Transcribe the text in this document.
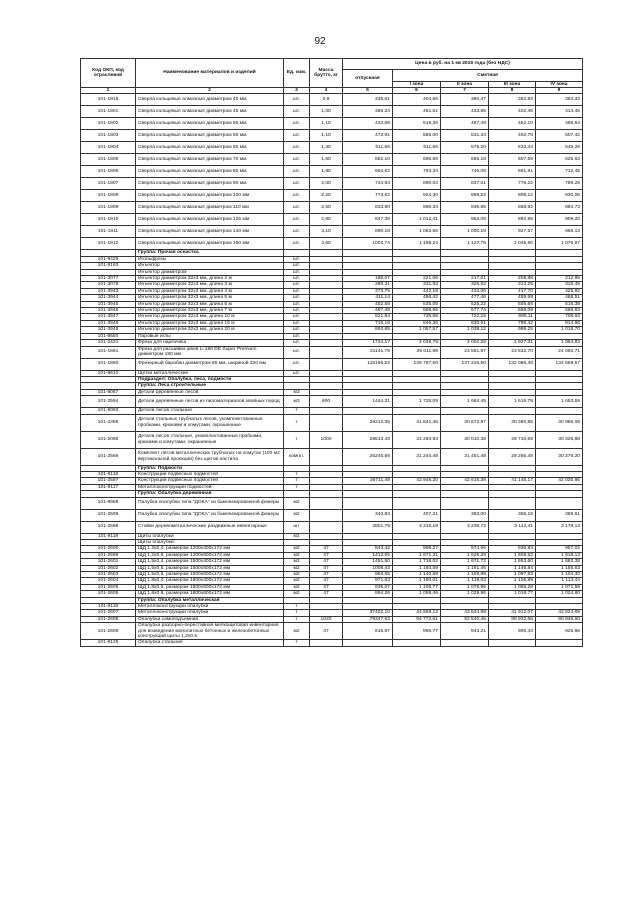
92
Код ОКП, код отраслевой	Наименование материалов и изделий	Ед. изм.	Масса брутто, кг	Цена в руб. на 1 кв 2019 года (без НДС)				
				отпускная	Сметная			
					I зона	II зона	III зона	IV зона
1	2	3	4	5	6	7	8	9
101-1916	Сверла кольцевые алмазные диаметром 40 мм	шт.	0,9	335,61	404,56	380,47	352,83	363,33
101-1901	Сверла кольцевые алмазные диаметром 45 мм	шт.	1,00	386,24	461,51	433,95	402,46	414,45
101-1902	Сверла кольцевые алмазные диаметром 50 мм	шт.	1,10	432,68	518,36	487,49	452,10	465,54
101-1903	Сверла кольцевые алмазные диаметром 55 мм	шт.	1,10	472,91	565,00	531,34	492,78	507,42
101-1904	Сверла кольцевые алмазные диаметром 60 мм	шт.	1,30	511,65	611,65	575,20	533,44	549,26
101-1905	Сверла кольцевые алмазные диаметром 70 мм	шт.	1,60	582,10	696,69	655,18	607,59	625,63
101-1906	Сверла кольцевые алмазные диаметром 80 мм	шт.	1,80	664,62	793,34	746,08	691,91	712,45
101-1907	Сверла кольцевые алмазные диаметром 90 мм	шт.	2,00	744,94	890,04	837,01	776,22	799,28
101-1908	Сверла кольцевые алмазные диаметром 100 мм	шт.	2,20	773,62	924,30	869,22	806,12	830,06
101-1909	Сверла кольцевые алмазные диаметром 110 мм	шт.	2,50	833,90	996,33	936,95	868,92	894,73
101-1910	Сверла кольцевые алмазные диаметром 125 мм	шт.	2,80	847,38	1 012,41	952,08	882,95	909,20
101-1911	Сверла кольцевые алмазные диаметром 140 мм	шт.	3,10	890,18	1 063,56	1 000,19	927,57	955,13
101-1912	Сверла кольцевые алмазные диаметром 160 мм	шт.	3,60	1003,74	1 199,24	1 127,78	1 045,90	1 076,97
	Группа: Прочая оснастка							
101-9429	Игольфрезы	шт.						
101-9163	Инъектор	шт.						
	Инъектор диаметром	шт.						
101-3077	Инъектор диаметром 32х3 мм, длина 2 м	шт.		186,07	221,06	217,01	208,88	212,95
101-3078	Инъектор диаметром 32х3 мм, длина 3 м	шт.		280,31	331,93	325,92	313,25	319,45
101-3943	Инъектор диаметром 32х3 мм, длина 4 м	шт.		373,75	442,18	434,06	417,70	425,92
101-3944	Инъектор диаметром 32х3 мм, длина 5 м	шт.		411,14	486,42	477,46	459,59	468,51
101-3945	Инъектор диаметром 32х3 мм, длина 6 м	шт.		452,59	535,05	525,22	505,55	515,39
101-3946	Инъектор диаметром 32х3 мм, длина 7 м	шт.		497,48	588,56	577,74	556,09	566,93
101-3947	Инъектор диаметром 32х3 мм, длина 10 м	шт.		621,84	735,68	722,15	695,11	708,63
101-3948	Инъектор диаметром 32х3 мм, длина 15 м	шт.		716,16	846,36	830,51	799,42	814,96
101-3949	Инъектор диаметром 32х3 мм, длина 20 м	шт.		893,85	1 057,57	1 038,12	999,25	1 018,70
101-9550	Паровые иглы	шт.						
101-2431	Фреза для нарезчика	шт.		1724,17	2 039,79	2 002,28	1 927,31	1 964,83
101-1661	Фреза для расшивки швов Li 180 DE Super Premium диаметром 180 мм	шт.		21141,79	25 011,98	24 551,97	23 632,70	24 092,71
101-1660	Фрезерный барабан диаметром 65 мм, шириной 320 мм	шт.		119166,22	139 797,60	137 226,50	132 086,48	134 659,57
101-9610	Щетки металлические	шт.						
	Подраздел: Опалубка, леса, подмости							
	Группа: Леса строительные							
101-9067	Детали деревянные лесов	м3						
101-2594	Детали деревянные лесов из пиломатериалов хвойных пород	м3	600	1444,31	1 725,09	1 684,45	1 616,78	1 653,59
101-9093	Детали лесов стальные	т						
101-2385	Детали стальных трубчатых лесов, укомплектованные пробками, крюками и хомутами, окрашенные	т		29212,35	31 841,46	30 672,97	30 380,85	30 965,09
101-2086	Детали лесов стальные, укомплектованные пробками, крюками и хомутами, окрашенные	т	1000	28513,43	31 284,93	30 010,38	29 710,69	30 326,88
101-2566	Комплект лесов металлических трубчатых на хомутах (100 м2 вертикальной проекции) без щитов настила	компл.		26245,69	31 244,49	31 451,49	29 265,48	30 276,20
	Группа: Подмости							
101-9118	Конструкции подвесных подмостей	т						
101-2597	Конструкции подвесных подмостей	т		26711,49	43 948,20	42 615,38	41 146,17	42 030,95
101-9117	Металлоконструкции подмостей	т						
	Группа: Опалубка деревянная							
101-9988	Палубка опалубки типа "ДОКА" из бакелизированной фанеры	м2						
101-2599	Палубка опалубки типа "ДОКА" из бакелизированной фанеры	м2		340,83	407,21	383,00	355,15	365,61
101-2598	Стойки деревометаллические раздвижные инвентарные	шт		2801,79	3 316,18	3 238,72	3 112,41	3 178,13
101-9118	Щиты опалубки	м2						
	Щиты опалубки:							
101-2600	ЩД 1,2х0,4, размером 1200х400х172 мм	м2	47	843,42	998,27	974,96	936,93	957,02
101-2599	ЩД 1,2х0,6, размером 1200х600х172 мм	м2	47	1412,05	1 671,31	1 626,28	1 608,62	1 618,13
101-2601	ЩД 1,5х0,4, размером 1500х400х172 мм	м2	47	1451,50	1 718,02	1 671,73	1 653,60	1 663,38
101-2602	ЩД 1,5х0,5, размером 1500х500х172 мм	м2	47	1008,43	1 193,59	1 161,46	1 148,84	1 155,63
101-2603	ЩД 1,5х0,6, размером 1500х600х172 мм	м2	47	963,65	1 140,58	1 109,88	1 097,83	1 104,30
101-2604	ЩД 1,8х0,4, размером 1800х400х172 мм	м2	47	971,63	1 150,01	1 119,03	1 106,89	1 113,44
101-2605	ЩД 1,8х0,5, размером 1800х500х172 мм	м2	47	935,07	1 106,77	1 076,96	1 065,28	1 071,59
101-2606	ЩД 1,8х0,6, размером 1800х600х172 мм	м2	47	894,26	1 058,46	1 029,96	1 018,77	1 024,80
	Группа: Опалубка металлическая							
101-9119	Металлоконструкции опалубки	т						
101-2607	Металлоконструкции опалубки	т		37402,10	44 669,13	43 634,98	41 912,07	42 824,69
101-2608	Опалубка самоподъемная	т	1020	79347,63	94 772,61	92 540,45	88 932,68	90 846,60
101-2609	Опалубка разборно-переставная мелкощитовая инвентарная для возведения монолитных бетонных и железобетонных конструкций щиты 1,2х0,5	м2	47	815,97	966,77	943,21	906,43	925,86
101-9125	Опалубка стальная	т						
